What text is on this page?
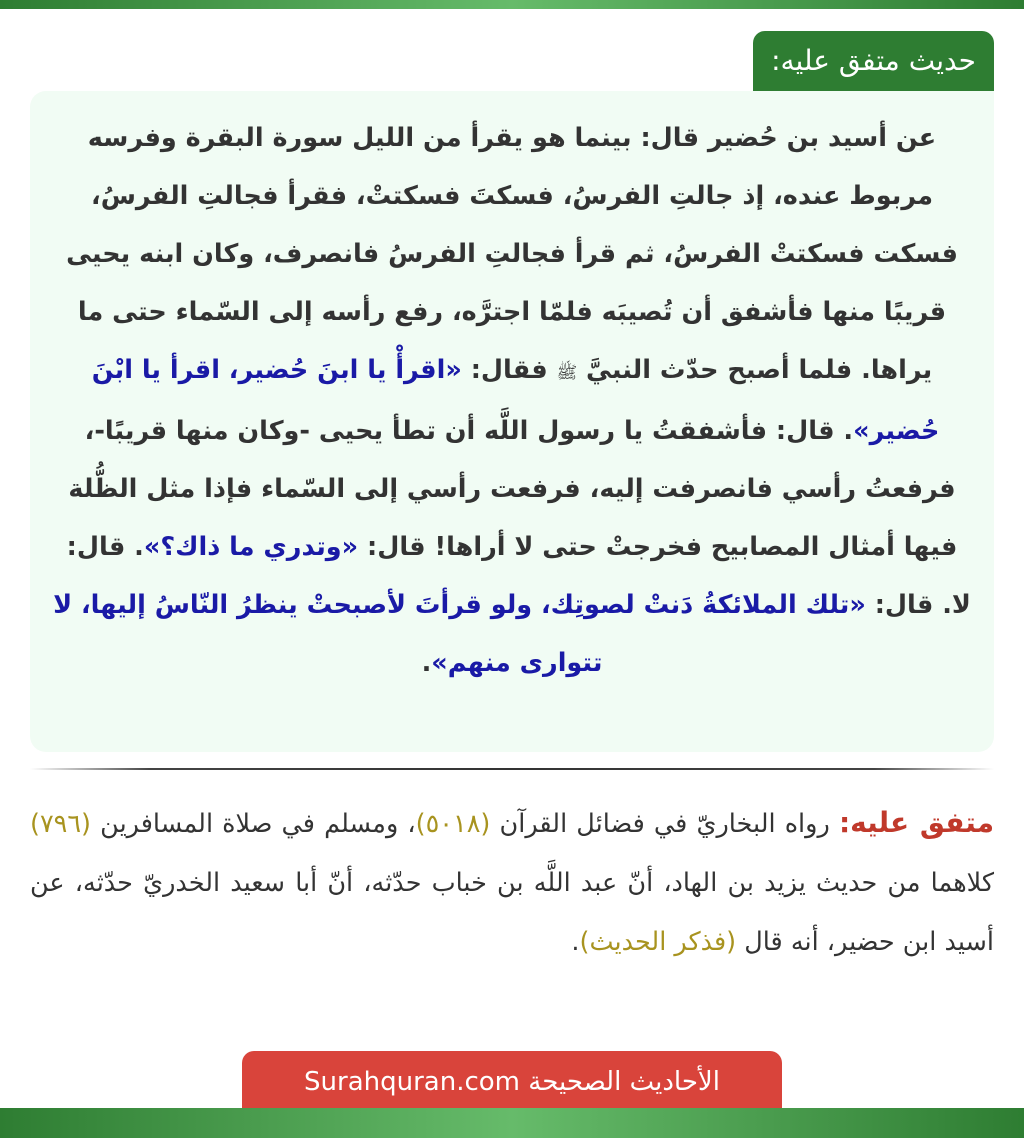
حديث متفق عليه:

عن أسيد بن حُضير قال: بينما هو يقرأ من الليل سورة البقرة وفرسه مربوط عنده، إذ جالتِ الفرسُ، فسكتَ فسكتتْ، فقرأ فجالتِ الفرسُ، فسكت فسكتتْ الفرسُ، ثم قرأ فجالتِ الفرسُ فانصرف، وكان ابنه يحيى قريبًا منها فأشفق أن تُصيبَه فلمّا اجترَّه، رفع رأسه إلى السّماء حتى ما يراها. فلما أصبح حدّث النبيَّ ﷺ فقال: «اقرأْ يا ابنَ حُضير، اقرأ يا ابْنَ حُضير». قال: فأشفقتُ يا رسول اللَّه أن تطأ يحيى -وكان منها قريبًا-، فرفعتُ رأسي فانصرفت إليه، فرفعت رأسي إلى السّماء فإذا مثل الظُّلة فيها أمثال المصابيح فخرجتْ حتى لا أراها! قال: «وتدري ما ذاك؟». قال: لا. قال: «تلك الملائكةُ دَنتْ لصوتِك، ولو قرأتَ لأصبحتْ ينظرُ النّاسُ إليها، لا تتوارى منهم».

متفق عليه: رواه البخاريّ في فضائل القرآن (٥٠١٨)، ومسلم في صلاة المسافرين (٧٩٦) كلاهما من حديث يزيد بن الهاد، أنّ عبد اللَّه بن خباب حدّثه، أنّ أبا سعيد الخدريّ حدّثه، عن أسيد ابن حضير، أنه قال (فذكر الحديث).

الأحاديث الصحيحة Surahquran.com
